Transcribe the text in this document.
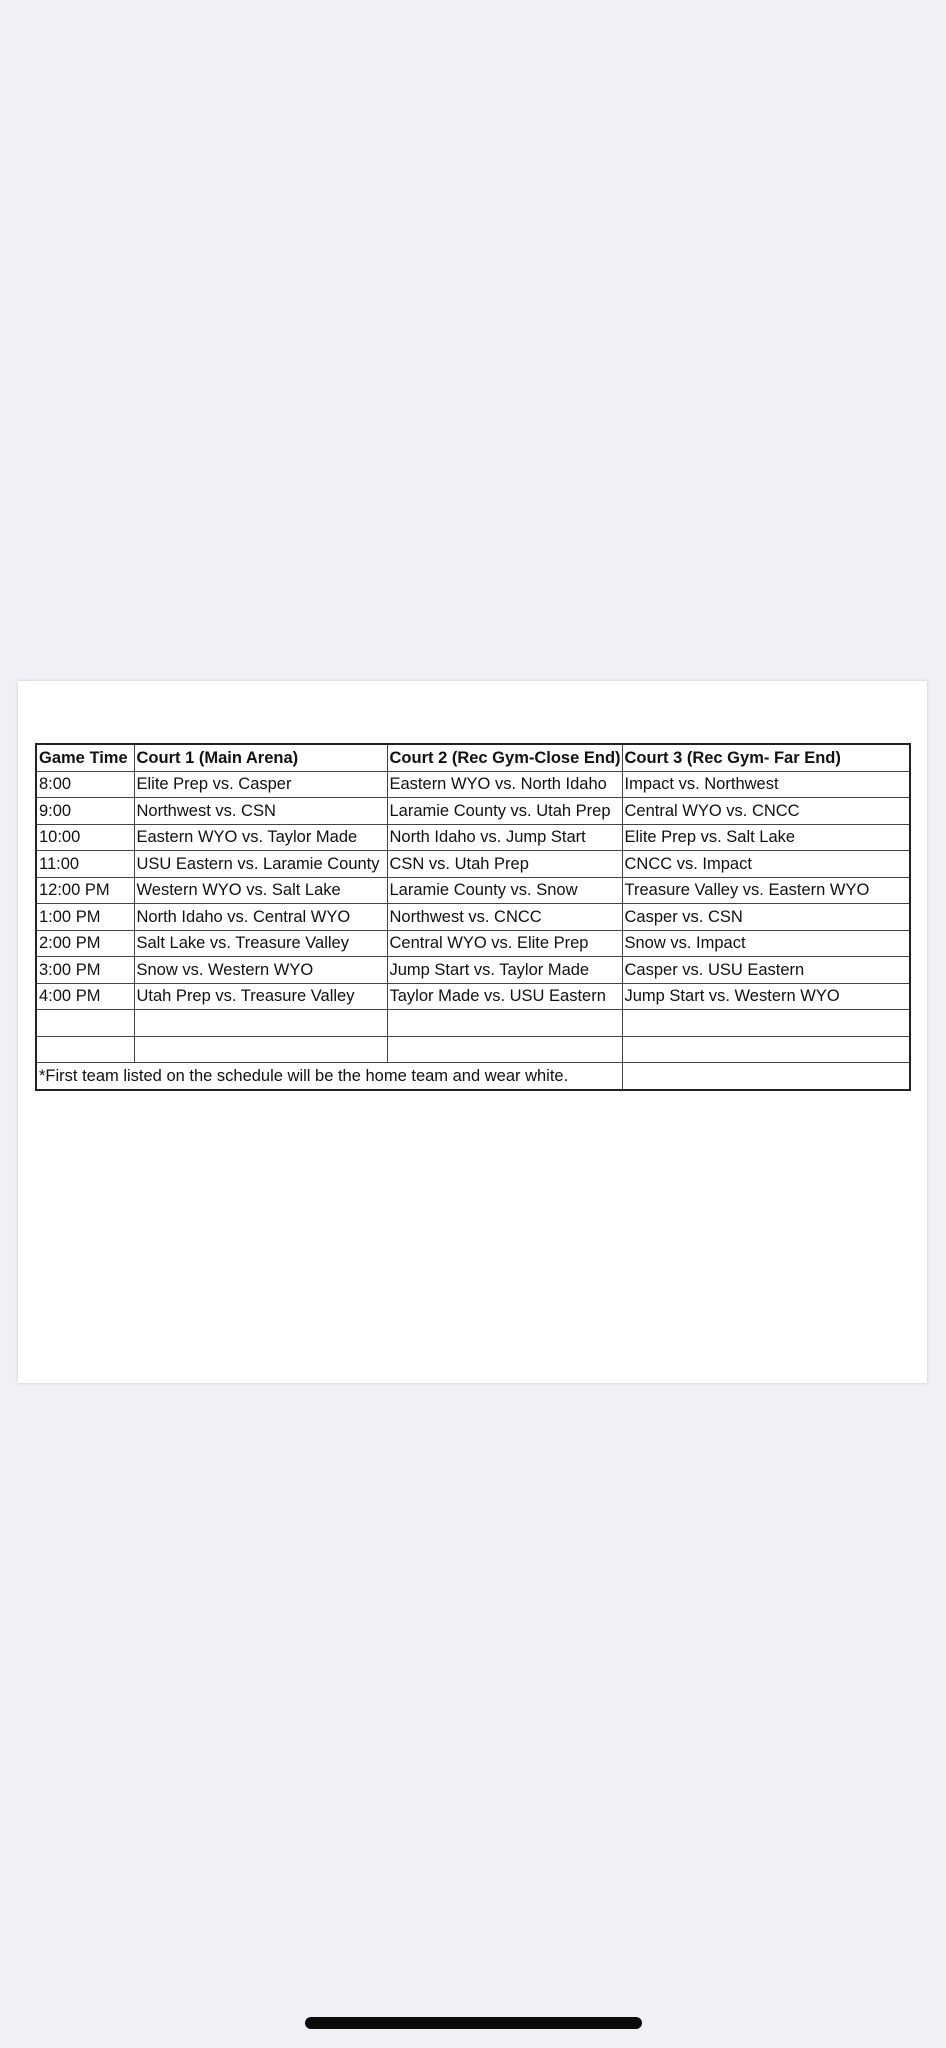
Game Time	Court 1 (Main Arena)	Court 2 (Rec Gym-Close End)	Court 3 (Rec Gym- Far End)
8:00	Elite Prep vs. Casper	Eastern WYO vs. North Idaho	Impact vs. Northwest
9:00	Northwest vs. CSN	Laramie County vs. Utah Prep	Central WYO vs. CNCC
10:00	Eastern WYO vs. Taylor Made	North Idaho vs. Jump Start	Elite Prep vs. Salt Lake
11:00	USU Eastern vs. Laramie County	CSN vs. Utah Prep	CNCC vs. Impact
12:00 PM	Western WYO vs. Salt Lake	Laramie County vs. Snow	Treasure Valley vs. Eastern WYO
1:00 PM	North Idaho vs. Central WYO	Northwest vs. CNCC	Casper vs. CSN
2:00 PM	Salt Lake vs. Treasure Valley	Central WYO vs. Elite Prep	Snow vs. Impact
3:00 PM	Snow vs. Western WYO	Jump Start vs. Taylor Made	Casper vs. USU Eastern
4:00 PM	Utah Prep vs. Treasure Valley	Taylor Made vs. USU Eastern	Jump Start vs. Western WYO

*First team listed on the schedule will be the home team and wear white.			
